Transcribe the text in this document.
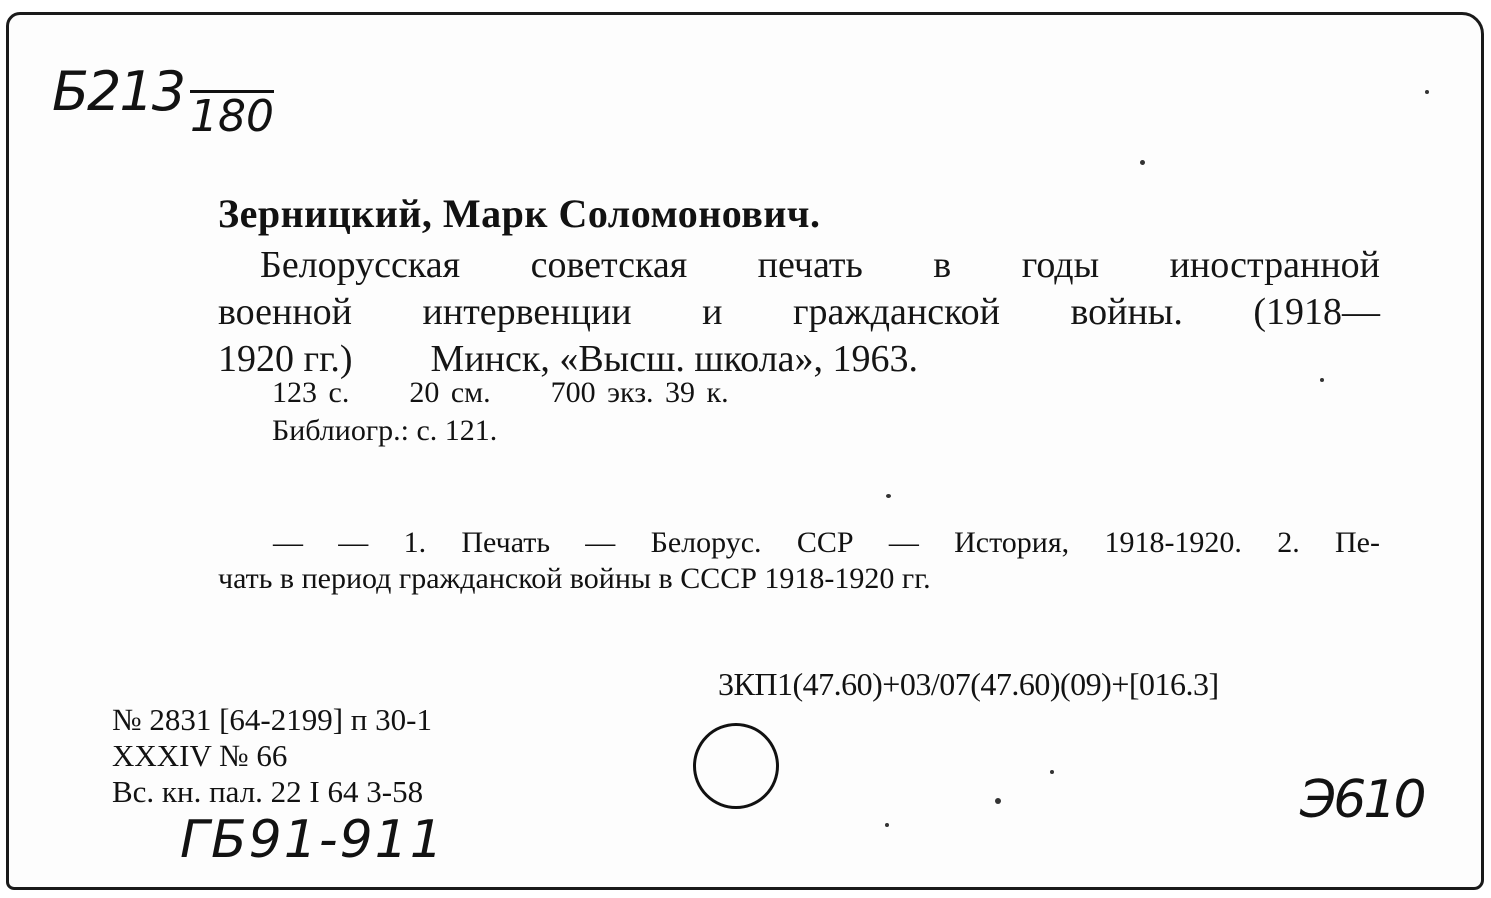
Б213 180
Зерницкий, Марк Соломонович.
Белорусская советская печать в годы иностранной
военной интервенции и гражданской войны. (1918—
1920 гг.) Минск, «Высш. школа», 1963.
123 с. 20 см. 700 экз. 39 к.
Библиогр.: с. 121.
— — 1. Печать — Белорус. ССР — История, 1918-1920. 2. Пе-
чать в период гражданской войны в СССР 1918-1920 гг.
3КП1(47.60)+03/07(47.60)(09)+[016.3]
№ 2831 [64-2199] п 30-1
XXXIV № 66
Вс. кн. пал. 22 I 64 3-58	Э610
ГБ91-911
